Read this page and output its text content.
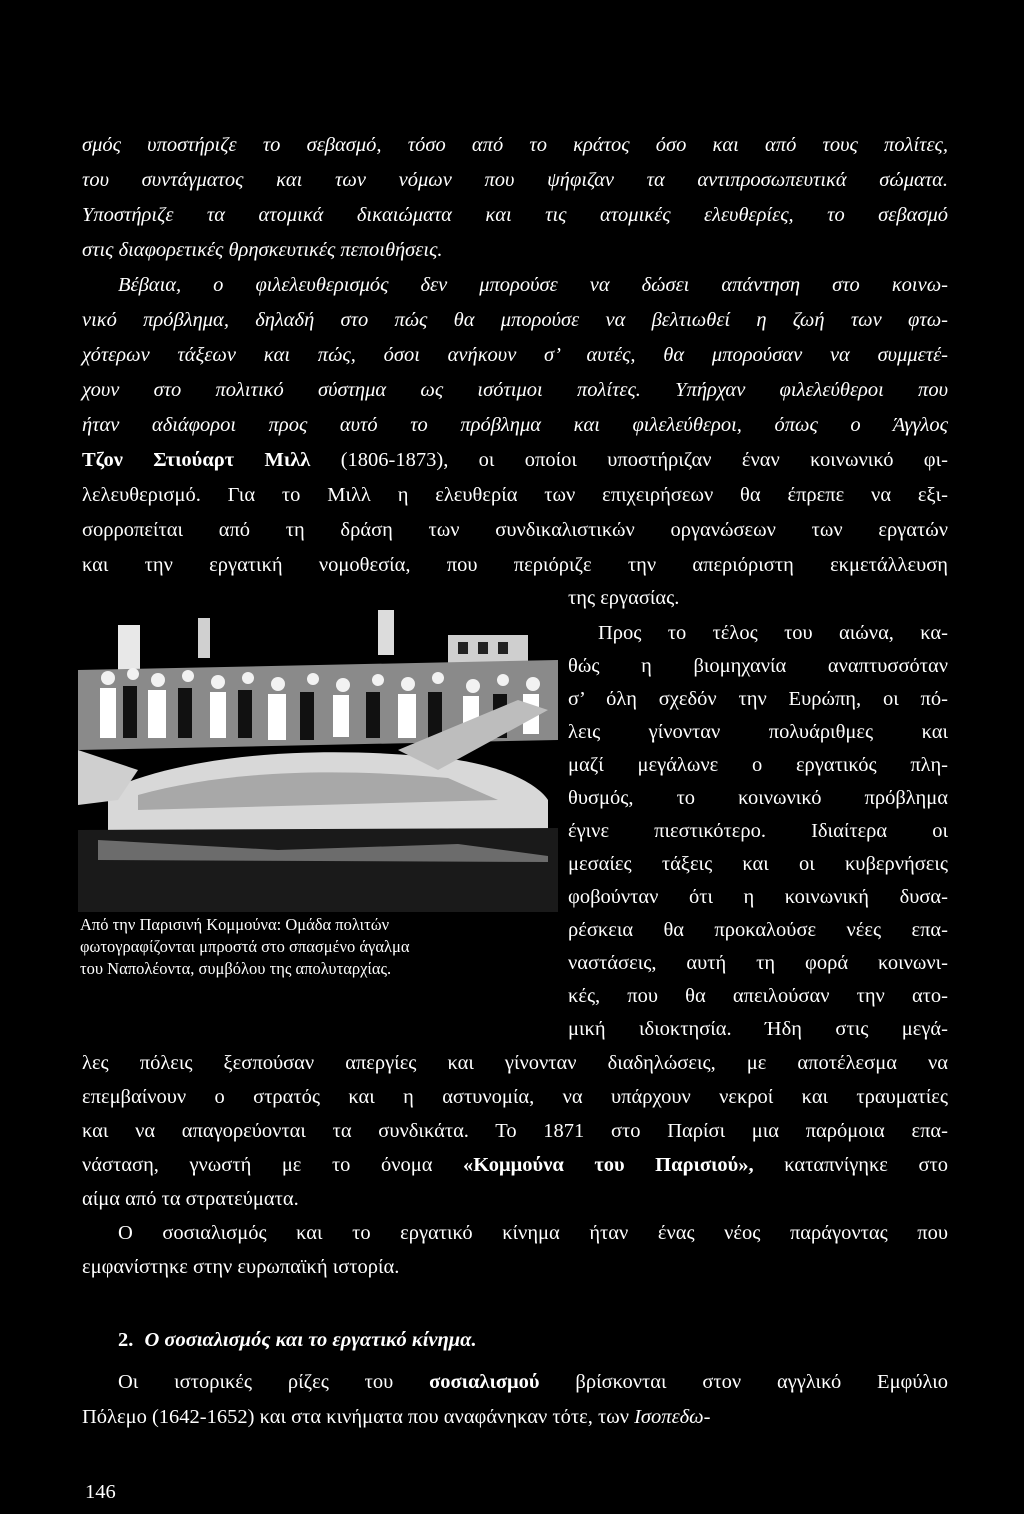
σμός υποστήριζε το σεβασμό, τόσο από το κράτος όσο και από τους πολίτες,
του συντάγματος και των νόμων που ψήφιζαν τα αντιπροσωπευτικά σώματα.
Υποστήριζε τα ατομικά δικαιώματα και τις ατομικές ελευθερίες, το σεβασμό
στις διαφορετικές θρησκευτικές πεποιθήσεις.
Βέβαια, ο φιλελευθερισμός δεν μπορούσε να δώσει απάντηση στο κοινω-
νικό πρόβλημα, δηλαδή στο πώς θα μπορούσε να βελτιωθεί η ζωή των φτω-
χότερων τάξεων και πώς, όσοι ανήκουν σ’ αυτές, θα μπορούσαν να συμμετέ-
χουν στο πολιτικό σύστημα ως ισότιμοι πολίτες. Υπήρχαν φιλελεύθεροι που
ήταν αδιάφοροι προς αυτό το πρόβλημα και φιλελεύθεροι, όπως ο Άγγλος
Τζον Στιούαρτ Μιλλ (1806-1873), οι οποίοι υποστήριζαν έναν κοινωνικό φι-
λελευθερισμό. Για το Μιλλ η ελευθερία των επιχειρήσεων θα έπρεπε να εξι-
σορροπείται από τη δράση των συνδικαλιστικών οργανώσεων των εργατών
και την εργατική νομοθεσία, που περιόριζε την απεριόριστη εκμετάλλευση
της εργασίας.
Από την Παρισινή Κομμούνα: Ομάδα πολιτών
φωτογραφίζονται μπροστά στο σπασμένο άγαλμα
του Ναπολέοντα, συμβόλου της απολυταρχίας.
Προς το τέλος του αιώνα, κα-
θώς η βιομηχανία αναπτυσσόταν
σ’ όλη σχεδόν την Ευρώπη, οι πό-
λεις γίνονταν πολυάριθμες και
μαζί μεγάλωνε ο εργατικός πλη-
θυσμός, το κοινωνικό πρόβλημα
έγινε πιεστικότερο. Ιδιαίτερα οι
μεσαίες τάξεις και οι κυβερνήσεις
φοβούνταν ότι η κοινωνική δυσα-
ρέσκεια θα προκαλούσε νέες επα-
ναστάσεις, αυτή τη φορά κοινωνι-
κές, που θα απειλούσαν την ατο-
μική ιδιοκτησία. Ήδη στις μεγά-
λες πόλεις ξεσπούσαν απεργίες και γίνονταν διαδηλώσεις, με αποτέλεσμα να
επεμβαίνουν ο στρατός και η αστυνομία, να υπάρχουν νεκροί και τραυματίες
και να απαγορεύονται τα συνδικάτα. Το 1871 στο Παρίσι μια παρόμοια επα-
νάσταση, γνωστή με το όνομα «Κομμούνα του Παρισιού», καταπνίγηκε στο
αίμα από τα στρατεύματα.
Ο σοσιαλισμός και το εργατικό κίνημα ήταν ένας νέος παράγοντας που
εμφανίστηκε στην ευρωπαϊκή ιστορία.
2. Ο σοσιαλισμός και το εργατικό κίνημα.
Οι ιστορικές ρίζες του σοσιαλισμού βρίσκονται στον αγγλικό Εμφύλιο
Πόλεμο (1642-1652) και στα κινήματα που αναφάνηκαν τότε, των Ισοπεδω-
146
